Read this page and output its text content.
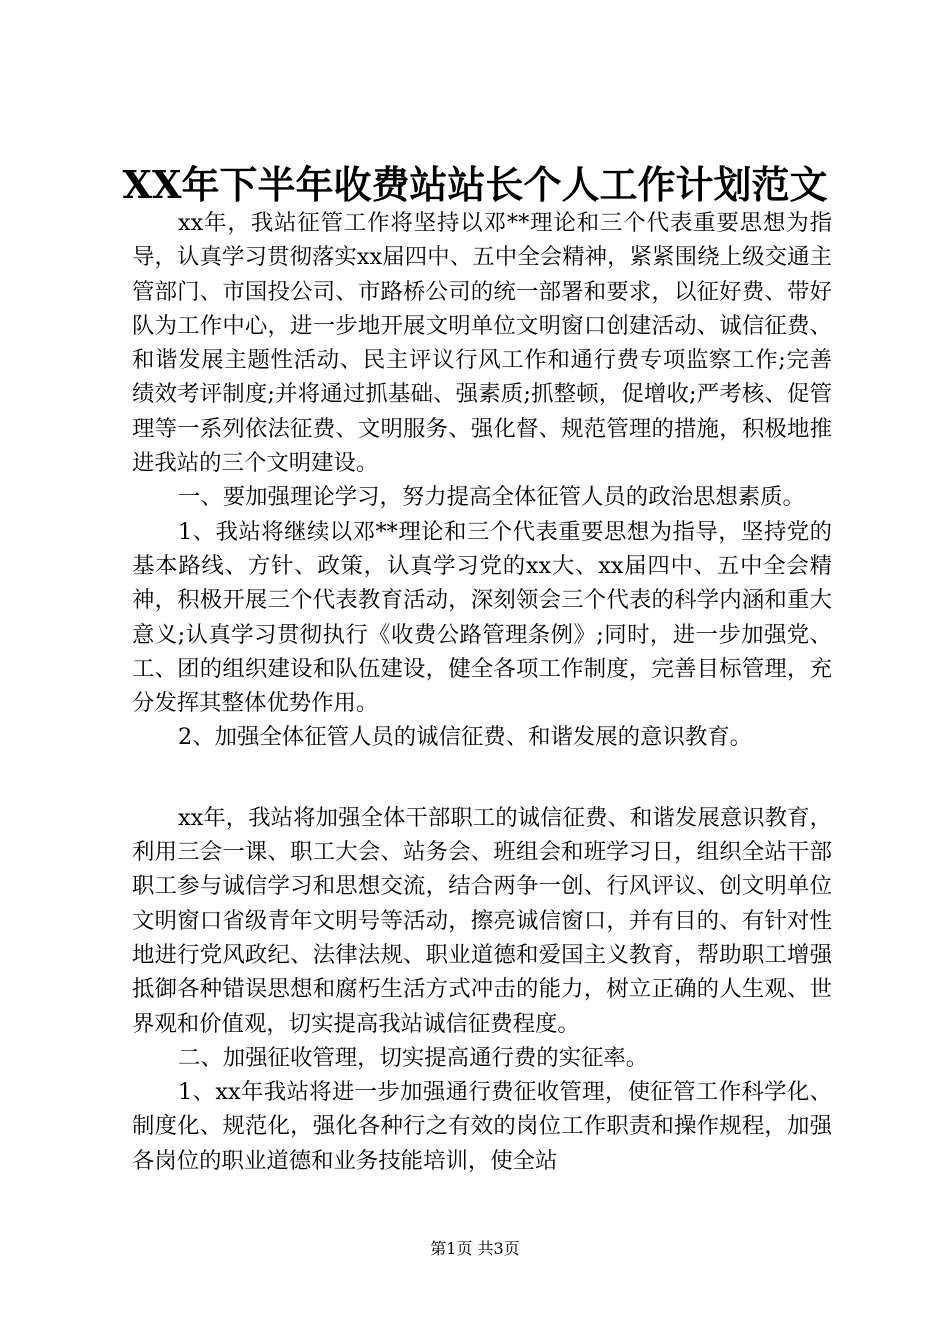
XX年下半年收费站站长个人工作计划范文

xx年，我站征管工作将坚持以邓**理论和三个代表重要思想为指导，认真学习贯彻落实xx届四中、五中全会精神，紧紧围绕上级交通主管部门、市国投公司、市路桥公司的统一部署和要求，以征好费、带好队为工作中心，进一步地开展文明单位文明窗口创建活动、诚信征费、和谐发展主题性活动、民主评议行风工作和通行费专项监察工作;完善绩效考评制度;并将通过抓基础、强素质;抓整顿，促增收;严考核、促管理等一系列依法征费、文明服务、强化督、规范管理的措施，积极地推进我站的三个文明建设。

一、要加强理论学习，努力提高全体征管人员的政治思想素质。

1、我站将继续以邓**理论和三个代表重要思想为指导，坚持党的基本路线、方针、政策，认真学习党的xx大、xx届四中、五中全会精神，积极开展三个代表教育活动，深刻领会三个代表的科学内涵和重大意义;认真学习贯彻执行《收费公路管理条例》;同时，进一步加强党、工、团的组织建设和队伍建设，健全各项工作制度，完善目标管理，充分发挥其整体优势作用。

2、加强全体征管人员的诚信征费、和谐发展的意识教育。

xx年，我站将加强全体干部职工的诚信征费、和谐发展意识教育，利用三会一课、职工大会、站务会、班组会和班学习日，组织全站干部职工参与诚信学习和思想交流，结合两争一创、行风评议、创文明单位文明窗口省级青年文明号等活动，擦亮诚信窗口，并有目的、有针对性地进行党风政纪、法律法规、职业道德和爱国主义教育，帮助职工增强抵御各种错误思想和腐朽生活方式冲击的能力，树立正确的人生观、世界观和价值观，切实提高我站诚信征费程度。

二、加强征收管理，切实提高通行费的实征率。

1、xx年我站将进一步加强通行费征收管理，使征管工作科学化、制度化、规范化，强化各种行之有效的岗位工作职责和操作规程，加强各岗位的职业道德和业务技能培训，使全站

第1页 共3页
